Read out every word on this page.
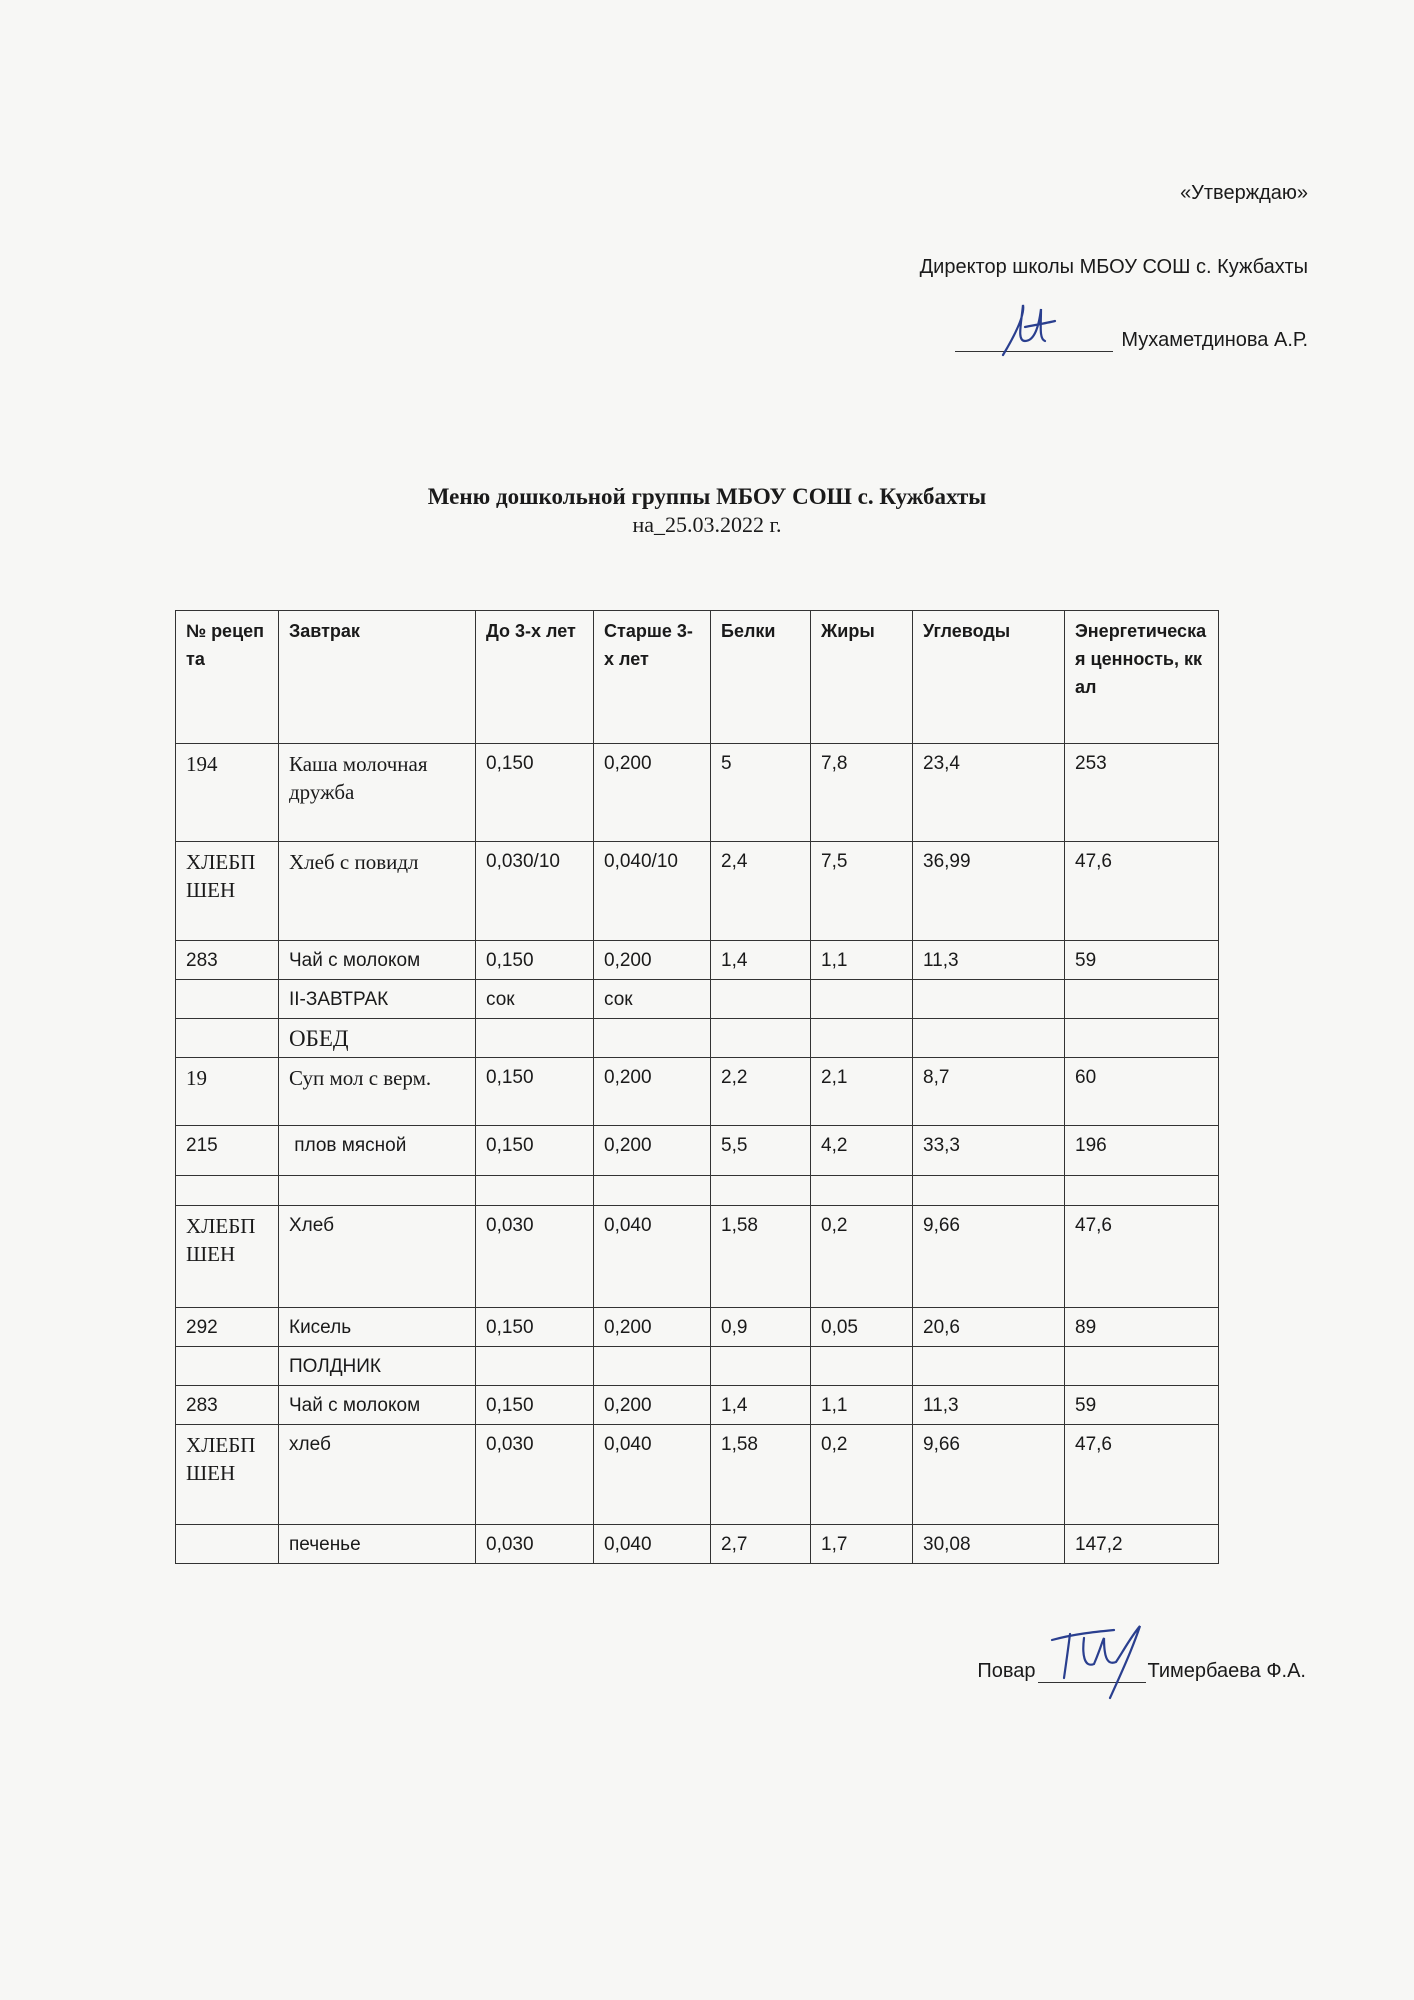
«Утверждаю»
Директор школы МБОУ СОШ с. Кужбахты
Мухаметдинова А.Р.
Меню дошкольной группы МБОУ СОШ с. Кужбахты
на_25.03.2022 г.
№ рецепта	Завтрак	До 3-х лет	Старше 3-х лет	Белки	Жиры	Углеводы	Энергетическая ценность, ккал
194	Каша молочная дружба	0,150	0,200	5	7,8	23,4	253
ХЛЕБПШЕН	Хлеб с повидл	0,030/10	0,040/10	2,4	7,5	36,99	47,6
283	Чай с молоком	0,150	0,200	1,4	1,1	11,3	59
	II-ЗАВТРАК	сок	сок				
	ОБЕД						
19	Суп мол с верм.	0,150	0,200	2,2	2,1	8,7	60
215	плов мясной	0,150	0,200	5,5	4,2	33,3	196

ХЛЕБПШЕН	Хлеб	0,030	0,040	1,58	0,2	9,66	47,6
292	Кисель	0,150	0,200	0,9	0,05	20,6	89
	ПОЛДНИК						
283	Чай с молоком	0,150	0,200	1,4	1,1	11,3	59
ХЛЕБПШЕН	хлеб	0,030	0,040	1,58	0,2	9,66	47,6
	печенье	0,030	0,040	2,7	1,7	30,08	147,2
Повар	Тимербаева Ф.А.
